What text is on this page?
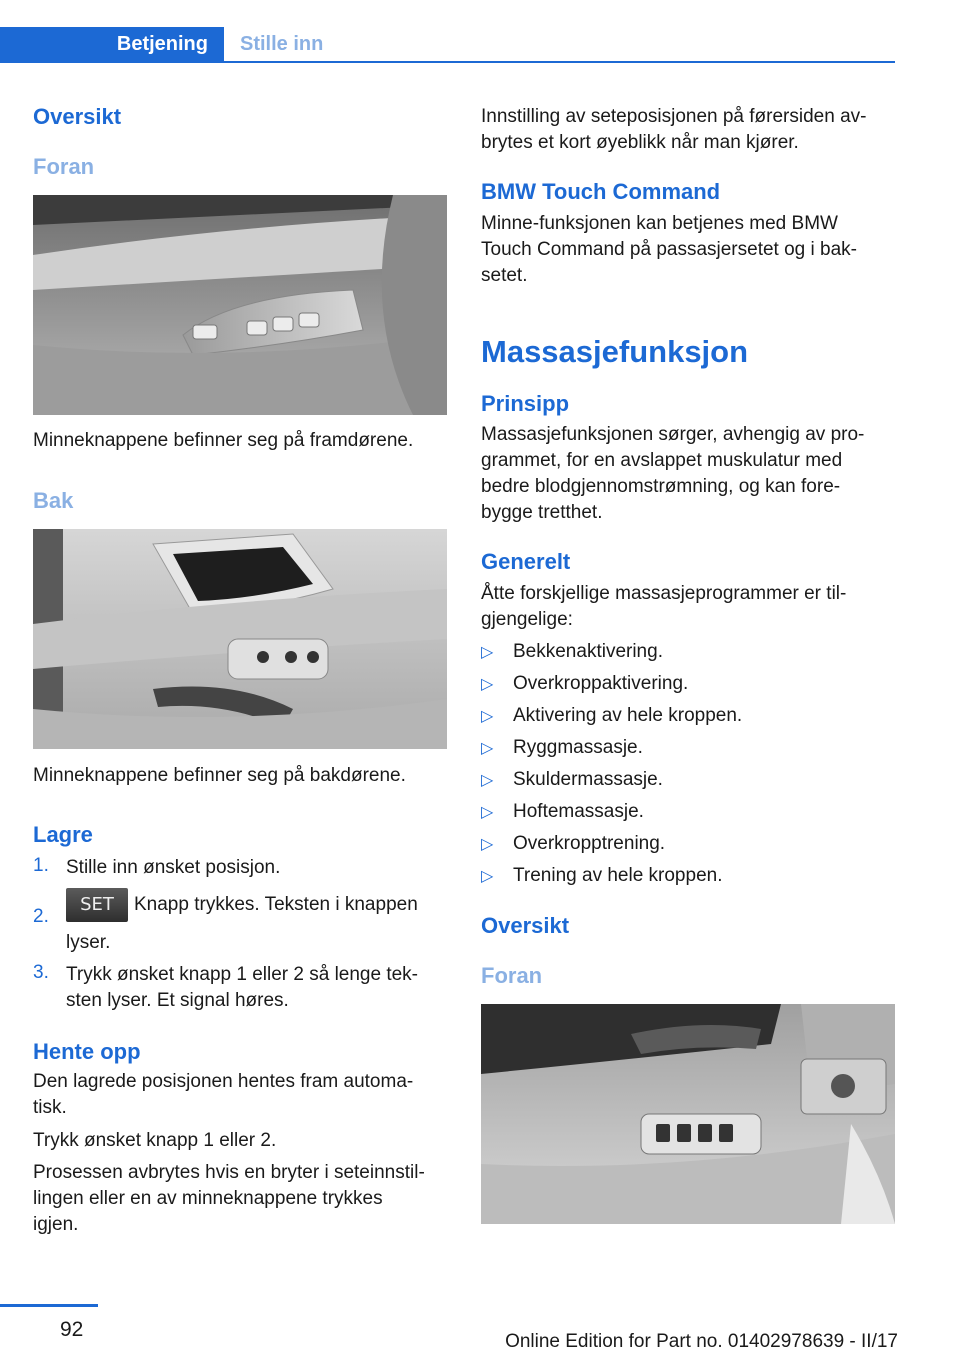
Betjening	Stille inn
Oversikt
Foran

Minneknappene befinner seg på framdørene.

Bak

Minneknappene befinner seg på bakdørene.

Lagre
1. Stille inn ønsket posisjon.

2.
SET Knapp trykkes. Teksten i knappen

lyser.

3. Trykk ønsket knapp 1 eller 2 så lenge tek‐

sten lyser. Et signal høres.

Hente opp

Den lagrede posisjonen hentes fram automa‐

tisk.

Trykk ønsket knapp 1 eller 2.

Prosessen avbrytes hvis en bryter i seteinnstil‐

lingen eller en av minneknappene trykkes

igjen.

Innstilling av seteposisjonen på førersiden av‐

brytes et kort øyeblikk når man kjører.

BMW Touch Command

Minne-funksjonen kan betjenes med BMW

Touch Command på passasjersetet og i bak‐

setet.

Massasjefunksjon
Prinsipp

Massasjefunksjonen sørger, avhengig av pro‐

grammet, for en avslappet muskulatur med

bedre blodgjennomstrømning, og kan fore‐

bygge tretthet.

Generelt

Åtte forskjellige massasjeprogrammer er til‐

gjengelige:

▷ Bekkenaktivering.
▷ Overkroppaktivering.
▷ Aktivering av hele kroppen.
▷ Ryggmassasje.
▷ Skuldermassasje.
▷ Hoftemassasje.
▷ Overkropptrening.
▷ Trening av hele kroppen.
Oversikt
Foran
92
Online Edition for Part no. 01402978639 - II/17
